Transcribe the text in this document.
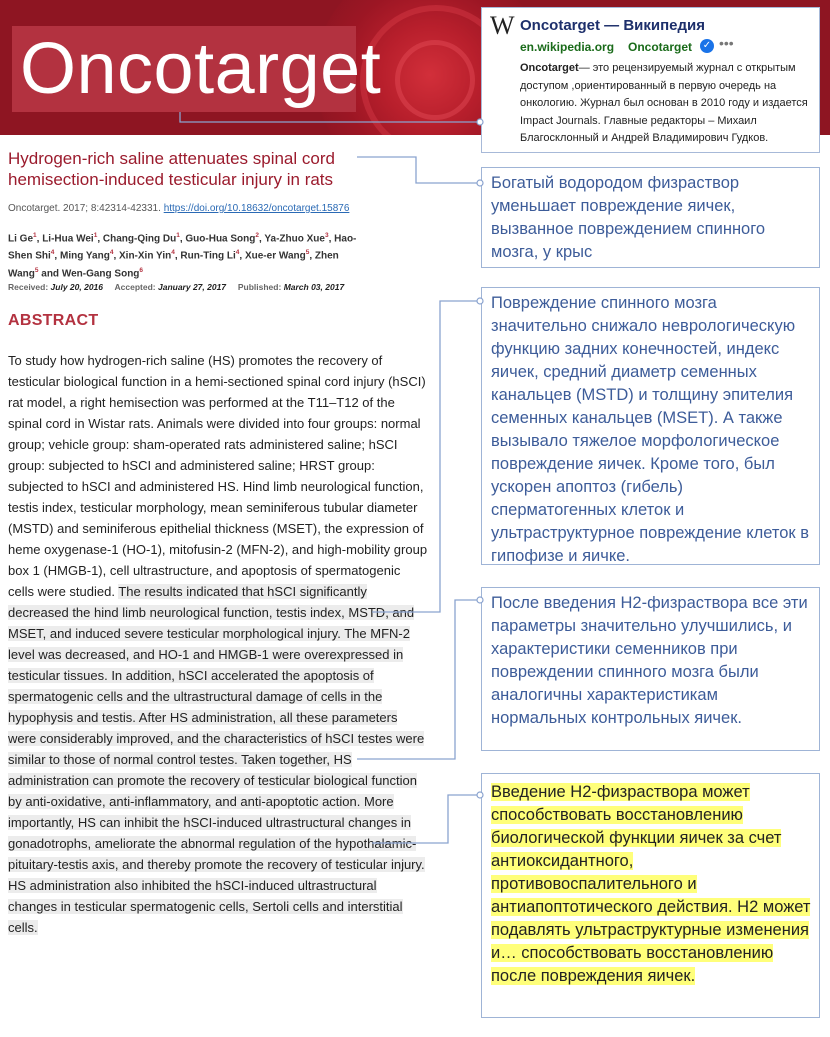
Oncotarget
W Oncotarget — Википедия
en.wikipedia.org Oncotarget ✓ •••
Oncotarget— это рецензируемый журнал с открытым доступом ,ориентированный в первую очередь на онкологию. Журнал был основан в 2010 году и издается Impact Journals. Главные редакторы – Михаил Благосклонный и Андрей Владимирович Гудков.
Hydrogen-rich saline attenuates spinal cord hemisection-induced testicular injury in rats
Oncotarget. 2017; 8:42314-42331. https://doi.org/10.18632/oncotarget.15876
Li Ge$^1$, Li-Hua Wei$^1$, Chang-Qing Du$^1$, Guo-Hua Song$^2$, Ya-Zhuo Xue$^3$, Hao-Shen Shi$^4$, Ming Yang$^4$, Xin-Xin Yin$^4$, Run-Ting Li$^4$, Xue-er Wang$^5$, Zhen Wang$^5$ and Wen-Gang Song$^6$
Received: July 20, 2016 Accepted: January 27, 2017 Published: March 03, 2017
ABSTRACT
To study how hydrogen-rich saline (HS) promotes the recovery of testicular biological function in a hemi-sectioned spinal cord injury (hSCI) rat model, a right hemisection was performed at the T11–T12 of the spinal cord in Wistar rats. Animals were divided into four groups: normal group; vehicle group: sham-operated rats administered saline; hSCI group: subjected to hSCI and administered saline; HRST group: subjected to hSCI and administered HS. Hind limb neurological function, testis index, testicular morphology, mean seminiferous tubular diameter (MSTD) and seminiferous epithelial thickness (MSET), the expression of heme oxygenase-1 (HO-1), mitofusin-2 (MFN-2), and high-mobility group box 1 (HMGB-1), cell ultrastructure, and apoptosis of spermatogenic cells were studied. The results indicated that hSCI significantly decreased the hind limb neurological function, testis index, MSTD, and MSET, and induced severe testicular morphological injury. The MFN-2 level was decreased, and HO-1 and HMGB-1 were overexpressed in testicular tissues. In addition, hSCI accelerated the apoptosis of spermatogenic cells and the ultrastructural damage of cells in the hypophysis and testis. After HS administration, all these parameters were considerably improved, and the characteristics of hSCI testes were similar to those of normal control testes. Taken together, HS administration can promote the recovery of testicular biological function by anti-oxidative, anti-inflammatory, and anti-apoptotic action. More importantly, HS can inhibit the hSCI-induced ultrastructural changes in gonadotrophs, ameliorate the abnormal regulation of the hypothalamic-pituitary-testis axis, and thereby promote the recovery of testicular injury. HS administration also inhibited the hSCI-induced ultrastructural changes in testicular spermatogenic cells, Sertoli cells and interstitial cells.
Богатый водородом физраствор уменьшает повреждение яичек, вызванное повреждением спинного мозга, у крыс
Повреждение спинного мозга значительно снижало неврологическую функцию задних конечностей, индекс яичек, средний диаметр семенных канальцев (MSTD) и толщину эпителия семенных канальцев (MSET). А также вызывало тяжелое морфологическое повреждение яичек. Кроме того, был ускорен апоптоз (гибель) сперматогенных клеток и ультраструктурное повреждение клеток в гипофизе и яичке.
После введения H2-физраствора все эти параметры значительно улучшились, и характеристики семенников при повреждении спинного мозга были аналогичны характеристикам нормальных контрольных яичек.
Введение H2-физраствора может способствовать восстановлению биологической функции яичек за счет антиоксидантного, противовоспалительного и антиапоптотического действия. H2 может подавлять ультраструктурные изменения и… способствовать восстановлению после повреждения яичек.
